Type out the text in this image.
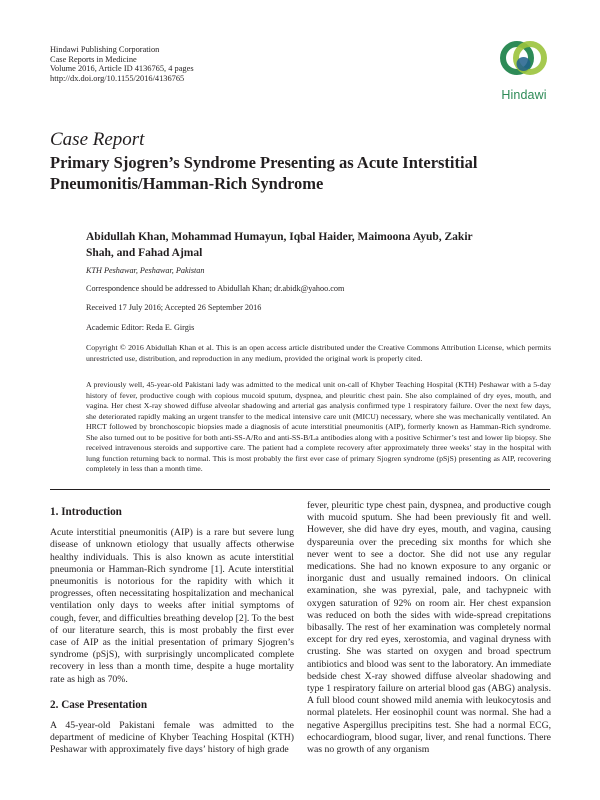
Hindawi Publishing Corporation
Case Reports in Medicine
Volume 2016, Article ID 4136765, 4 pages
http://dx.doi.org/10.1155/2016/4136765
Hindawi
Case Report
Primary Sjogren’s Syndrome Presenting as Acute Interstitial Pneumonitis/Hamman-Rich Syndrome
Abidullah Khan, Mohammad Humayun, Iqbal Haider, Maimoona Ayub, Zakir Shah, and Fahad Ajmal
KTH Peshawar, Peshawar, Pakistan
Correspondence should be addressed to Abidullah Khan; dr.abidk@yahoo.com
Received 17 July 2016; Accepted 26 September 2016
Academic Editor: Reda E. Girgis
Copyright © 2016 Abidullah Khan et al. This is an open access article distributed under the Creative Commons Attribution License, which permits unrestricted use, distribution, and reproduction in any medium, provided the original work is properly cited.
A previously well, 45-year-old Pakistani lady was admitted to the medical unit on-call of Khyber Teaching Hospital (KTH) Peshawar with a 5-day history of fever, productive cough with copious mucoid sputum, dyspnea, and pleuritic chest pain. She also complained of dry eyes, mouth, and vagina. Her chest X-ray showed diffuse alveolar shadowing and arterial gas analysis confirmed type 1 respiratory failure. Over the next few days, she deteriorated rapidly making an urgent transfer to the medical intensive care unit (MICU) necessary, where she was mechanically ventilated. An HRCT followed by bronchoscopic biopsies made a diagnosis of acute interstitial pneumonitis (AIP), formerly known as Hamman-Rich syndrome. She also turned out to be positive for both anti-SS-A/Ro and anti-SS-B/La antibodies along with a positive Schirmer’s test and lower lip biopsy. She received intravenous steroids and supportive care. The patient had a complete recovery after approximately three weeks’ stay in the hospital with lung function returning back to normal. This is most probably the first ever case of primary Sjogren syndrome (pSjS) presenting as AIP, recovering completely in less than a month time.
1. Introduction

Acute interstitial pneumonitis (AIP) is a rare but severe lung disease of unknown etiology that usually affects otherwise healthy individuals. This is also known as acute interstitial pneumonia or Hamman-Rich syndrome [1]. Acute interstitial pneumonitis is notorious for the rapidity with which it progresses, often necessitating hospitalization and mechanical ventilation only days to weeks after initial symptoms of cough, fever, and difficulties breathing develop [2]. To the best of our literature search, this is most probably the first ever case of AIP as the initial presentation of primary Sjogren’s syndrome (pSjS), with surprisingly uncomplicated complete recovery in less than a month time, despite a huge mortality rate as high as 70%.

2. Case Presentation

A 45-year-old Pakistani female was admitted to the department of medicine of Khyber Teaching Hospital (KTH) Peshawar with approximately five days’ history of high grade

fever, pleuritic type chest pain, dyspnea, and productive cough with mucoid sputum. She had been previously fit and well. However, she did have dry eyes, mouth, and vagina, causing dyspareunia over the preceding six months for which she never went to see a doctor. She did not use any regular medications. She had no known exposure to any organic or inorganic dust and usually remained indoors. On clinical examination, she was pyrexial, pale, and tachypneic with oxygen saturation of 92% on room air. Her chest expansion was reduced on both the sides with wide-spread crepitations bibasally. The rest of her examination was completely normal except for dry red eyes, xerostomia, and vaginal dryness with crusting. She was started on oxygen and broad spectrum antibiotics and blood was sent to the laboratory. An immediate bedside chest X-ray showed diffuse alveolar shadowing and type 1 respiratory failure on arterial blood gas (ABG) analysis. A full blood count showed mild anemia with leukocytosis and normal platelets. Her eosinophil count was normal. She had a negative Aspergillus precipitins test. She had a normal ECG, echocardiogram, blood sugar, liver, and renal functions. There was no growth of any organism
